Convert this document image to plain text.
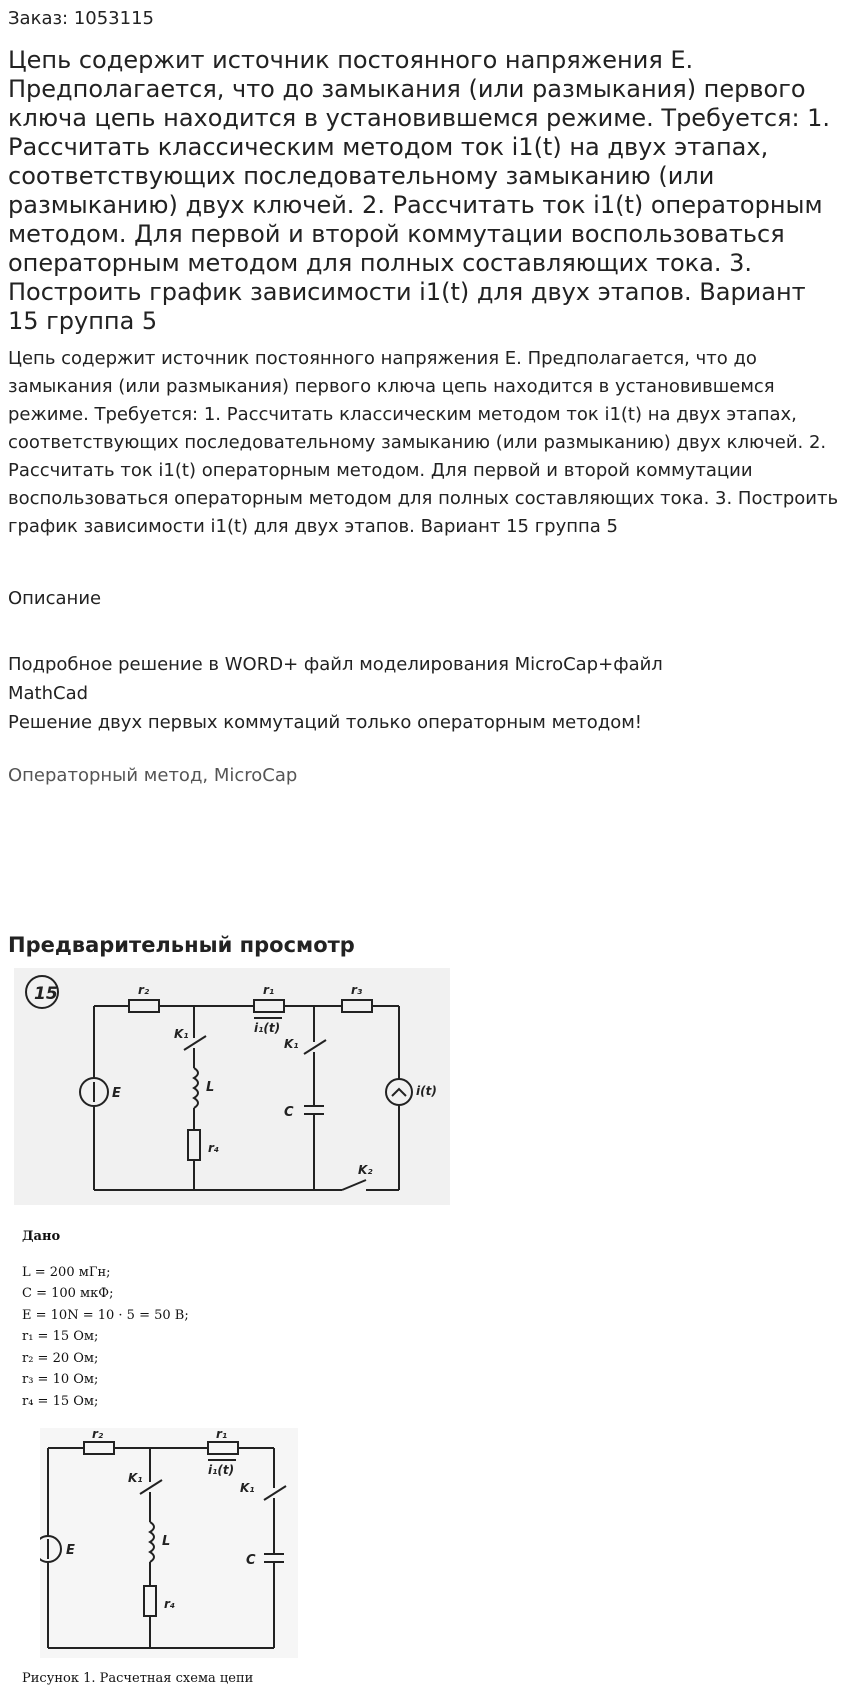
Заказ: 1053115
Цепь содержит источник постоянного напряжения Е. Предполагается, что до замыкания (или размыкания) первого ключа цепь находится в установившемся режиме. Требуется: 1. Рассчитать классическим методом ток i1(t) на двух этапах, соответствующих последовательному замыканию (или размыканию) двух ключей. 2. Рассчитать ток i1(t) операторным методом. Для первой и второй коммутации воспользоваться операторным методом для полных составляющих тока. 3. Построить график зависимости i1(t) для двух этапов. Вариант 15 группа 5
Цепь содержит источник постоянного напряжения Е. Предполагается, что до замыкания (или размыкания) первого ключа цепь находится в установившемся режиме. Требуется: 1. Рассчитать классическим методом ток i1(t) на двух этапах, соответствующих последовательному замыканию (или размыканию) двух ключей. 2. Рассчитать ток i1(t) операторным методом. Для первой и второй коммутации воспользоваться операторным методом для полных составляющих тока. 3. Построить график зависимости i1(t) для двух этапов. Вариант 15 группа 5
Описание
Подробное решение в WORD+ файл моделирования MicroCap+файл MathCad
Решение двух первых коммутаций только операторным методом!
Операторный метод, MicroCap
Предварительный просмотр
15	r₂	r₁	r₃
i₁(t)
E
K₁
K₁
L
r₄
C
i(t)
K₂
Дано
L = 200 мГн;
C = 100 мкФ;
E = 10N = 10 · 5 = 50 В;
r₁ = 15 Ом;
r₂ = 20 Ом;
r₃ = 10 Ом;
r₄ = 15 Ом;
r₂	r₁
i₁(t)
E
K₁
K₁
L
r₄
C
Рисунок 1. Расчетная схема цепи
